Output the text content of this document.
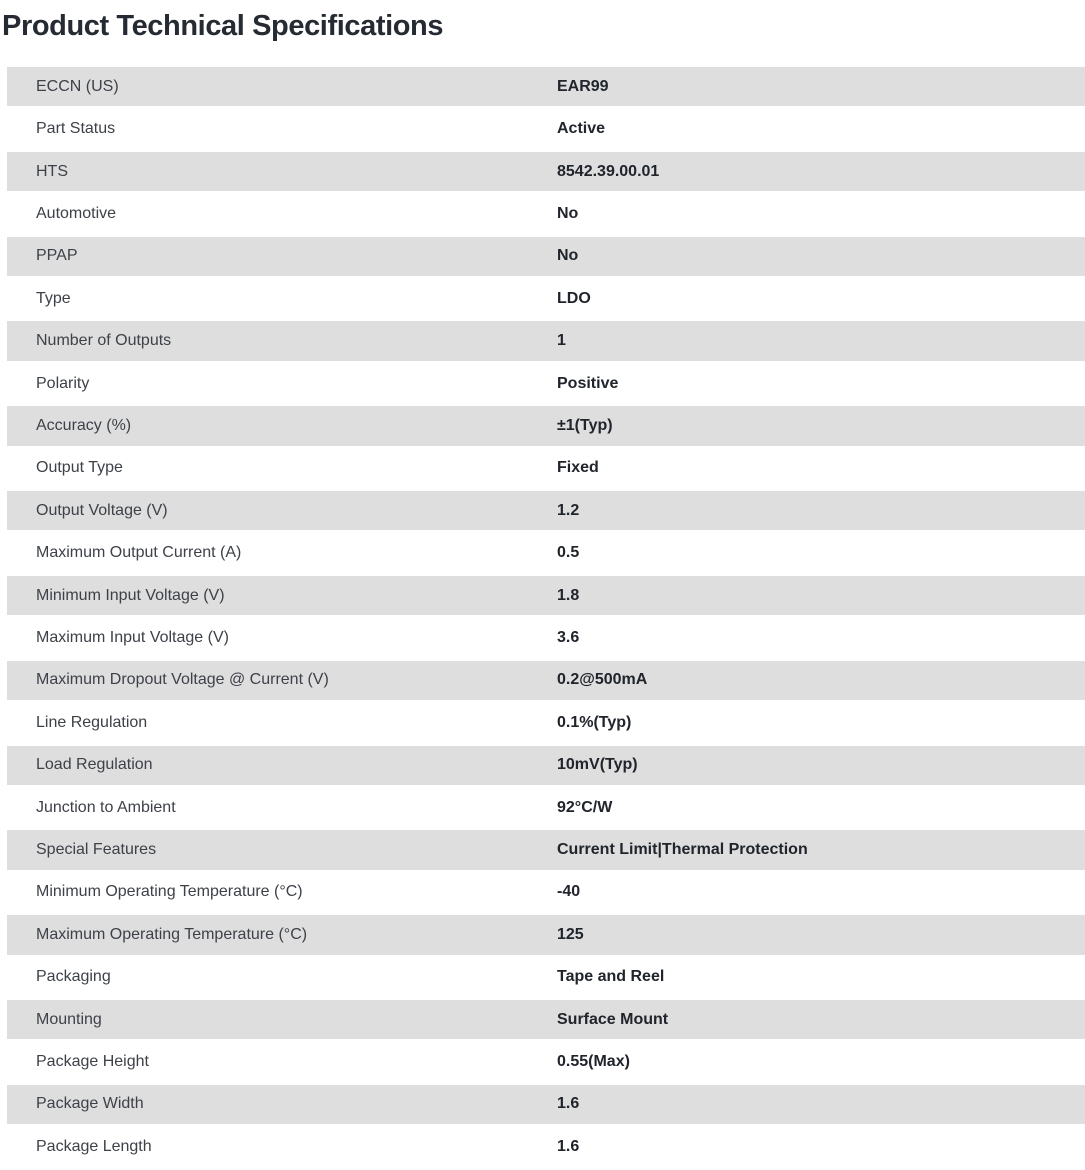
Product Technical Specifications
ECCN (US)	EAR99
Part Status	Active
HTS	8542.39.00.01
Automotive	No
PPAP	No
Type	LDO
Number of Outputs	1
Polarity	Positive
Accuracy (%)	±1(Typ)
Output Type	Fixed
Output Voltage (V)	1.2
Maximum Output Current (A)	0.5
Minimum Input Voltage (V)	1.8
Maximum Input Voltage (V)	3.6
Maximum Dropout Voltage @ Current (V)	0.2@500mA
Line Regulation	0.1%(Typ)
Load Regulation	10mV(Typ)
Junction to Ambient	92°C/W
Special Features	Current Limit|Thermal Protection
Minimum Operating Temperature (°C)	-40
Maximum Operating Temperature (°C)	125
Packaging	Tape and Reel
Mounting	Surface Mount
Package Height	0.55(Max)
Package Width	1.6
Package Length	1.6
